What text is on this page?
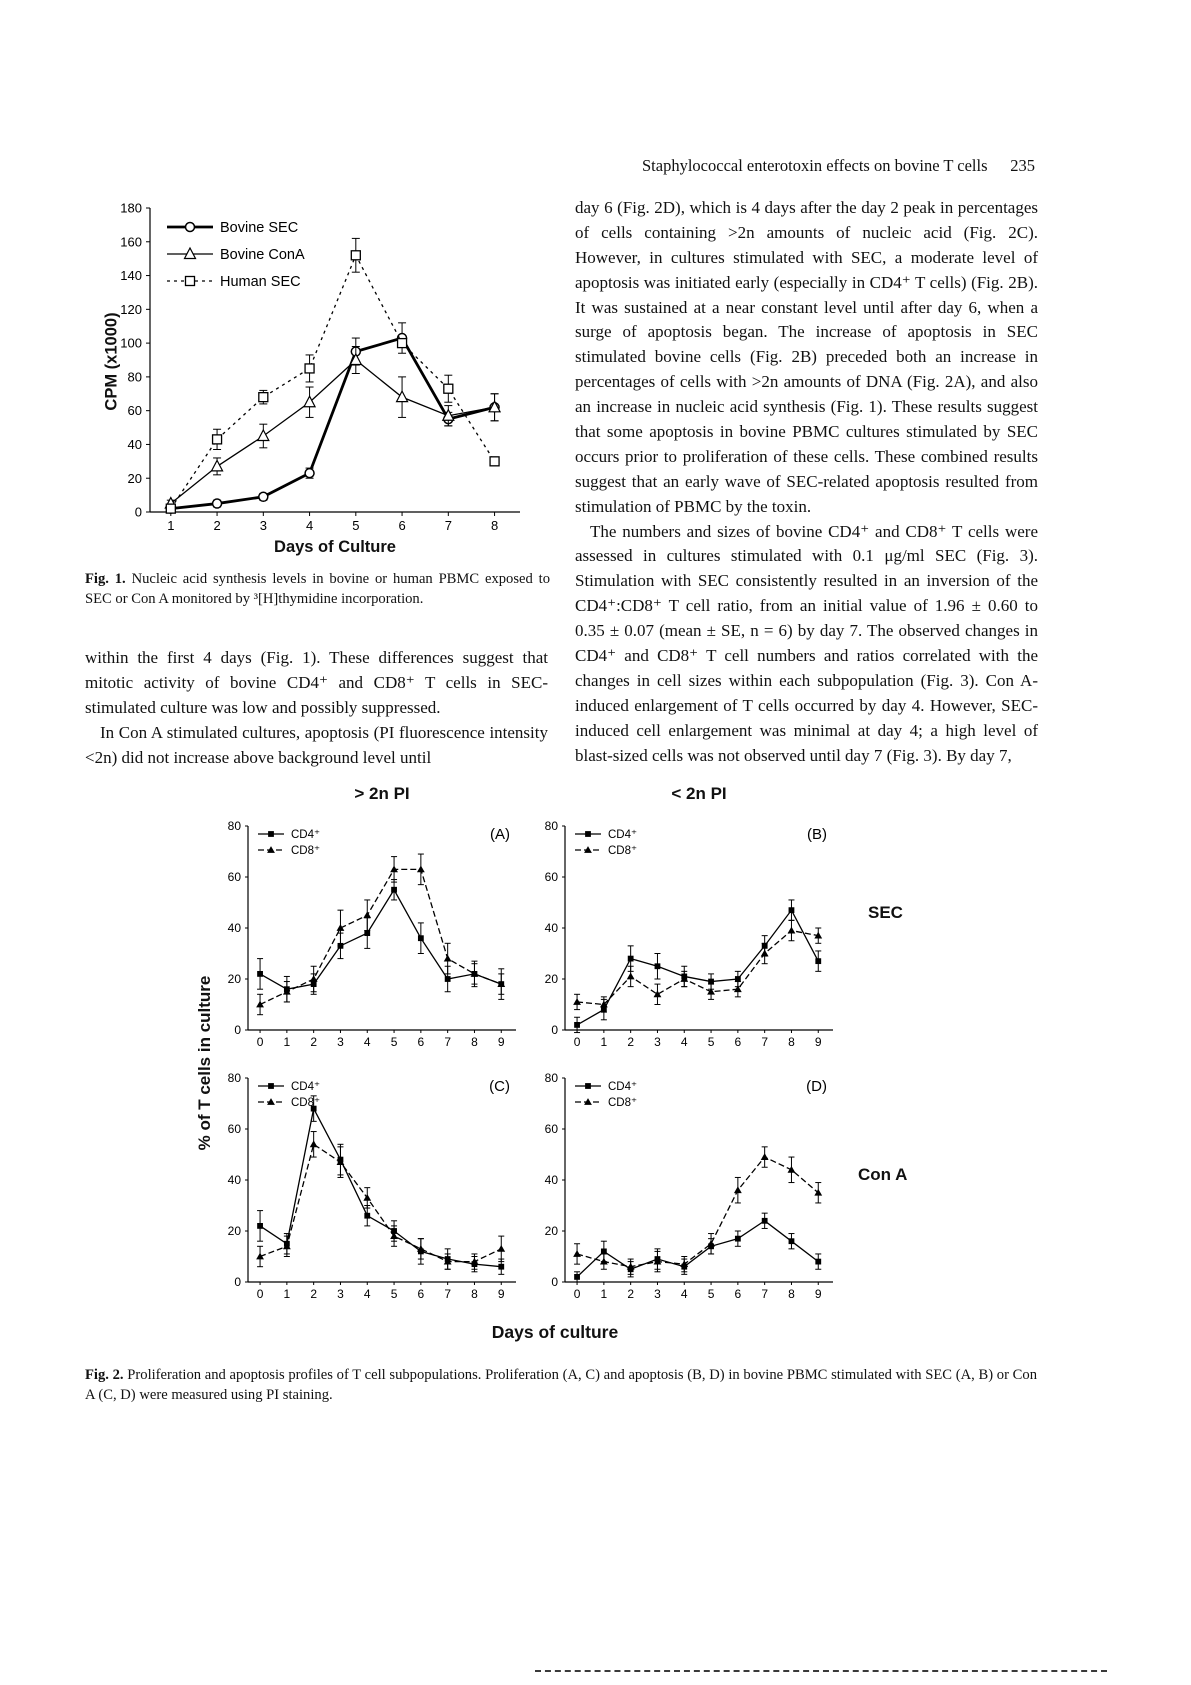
Staphylococcal enterotoxin effects on bovine T cells 235
0
20
40
60
80
100
120
140
160
180
1	2	3	4	5	6	7	8
Bovine SEC
Bovine ConA
Human SEC
CPM (x1000)
Days of Culture
Fig. 1. Nucleic acid synthesis levels in bovine or human PBMC exposed to SEC or Con A monitored by ³[H]thymidine incorporation.

within the first 4 days (Fig. 1). These differences suggest that mitotic activity of bovine CD4⁺ and CD8⁺ T cells in SEC-stimulated culture was low and possibly suppressed.

In Con A stimulated cultures, apoptosis (PI fluorescence intensity <2n) did not increase above background level until

day 6 (Fig. 2D), which is 4 days after the day 2 peak in percentages of cells containing >2n amounts of nucleic acid (Fig. 2C). However, in cultures stimulated with SEC, a moderate level of apoptosis was initiated early (especially in CD4⁺ T cells) (Fig. 2B). It was sustained at a near constant level until after day 6, when a surge of apoptosis began. The increase of apoptosis in SEC stimulated bovine cells (Fig. 2B) preceded both an increase in percentages of cells with >2n amounts of DNA (Fig. 2A), and also an increase in nucleic acid synthesis (Fig. 1). These results suggest that some apoptosis in bovine PBMC cultures stimulated by SEC occurs prior to proliferation of these cells. These combined results suggest that an early wave of SEC-related apoptosis resulted from stimulation of PBMC by the toxin.

The numbers and sizes of bovine CD4⁺ and CD8⁺ T cells were assessed in cultures stimulated with 0.1 μg/ml SEC (Fig. 3). Stimulation with SEC consistently resulted in an inversion of the CD4⁺:CD8⁺ T cell ratio, from an initial value of 1.96 ± 0.60 to 0.35 ± 0.07 (mean ± SE, n = 6) by day 7. The observed changes in CD4⁺ and CD8⁺ T cell numbers and ratios correlated with the changes in cell sizes within each subpopulation (Fig. 3). Con A-induced enlargement of T cells occurred by day 4. However, SEC-induced cell enlargement was minimal at day 4; a high level of blast-sized cells was not observed until day 7 (Fig. 3). By day 7,

> 2n PI	< 2n PI
0
20
40
60
80
0 1 2 3 4 5 6 7 8 9
CD4⁺
CD8⁺
(A)
0
20
40
60
80
0 1 2 3 4 5 6 7 8 9
CD4⁺
CD8⁺
(B)
0
20
40
60
80
0 1 2 3 4 5 6 7 8 9
CD4⁺
CD8⁺
(C)
0
20
40
60
80
0 1 2 3 4 5 6 7 8 9
CD4⁺
CD8⁺
(D)
SEC
Con A
% of T cells in culture
Days of culture
Fig. 2. Proliferation and apoptosis profiles of T cell subpopulations. Proliferation (A, C) and apoptosis (B, D) in bovine PBMC stimulated with SEC (A, B) or Con A (C, D) were measured using PI staining.
